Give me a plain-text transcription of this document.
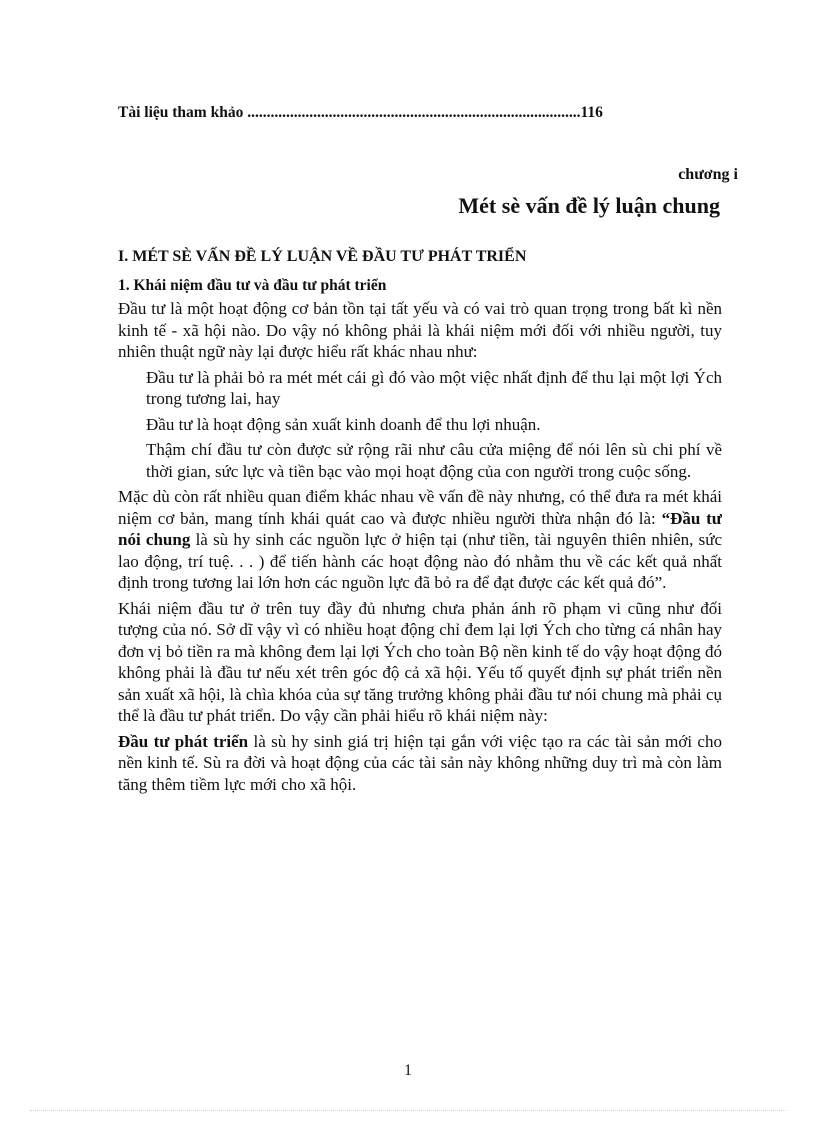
Tài liệu tham khảo ......................................................................................116
chương i
Mét sè vấn đề lý luận chung
I. MÉT SÈ VẤN ĐỀ LÝ LUẬN VỀ ĐẦU TƯ PHÁT TRIỂN
1. Khái niệm đầu tư và đầu tư phát triển

Đầu tư là một hoạt động cơ bản tồn tại tất yếu và có vai trò quan trọng trong bất kì nền kinh tế - xã hội nào. Do vậy nó không phải là khái niệm mới đối với nhiều người, tuy nhiên thuật ngữ này lại được hiểu rất khác nhau như:

Đầu tư là phải bỏ ra mét mét cái gì đó vào một việc nhất định để thu lại một lợi Ých trong tương lai, hay

Đầu tư là hoạt động sản xuất kinh doanh để thu lợi nhuận.

Thậm chí đầu tư còn được sử rộng rãi như câu cửa miệng để nói lên sù chi phí về thời gian, sức lực và tiền bạc vào mọi hoạt động của con người trong cuộc sống.

Mặc dù còn rất nhiều quan điểm khác nhau về vấn đề này nhưng, có thể đưa ra mét khái niệm cơ bản, mang tính khái quát cao và được nhiều người thừa nhận đó là: “Đầu tư nói chung là sù hy sinh các nguồn lực ở hiện tại (như tiền, tài nguyên thiên nhiên, sức lao động, trí tuệ. . . ) để tiến hành các hoạt động nào đó nhằm thu về các kết quả nhất định trong tương lai lớn hơn các nguồn lực đã bỏ ra để đạt được các kết quả đó”.

Khái niệm đầu tư ở trên tuy đầy đủ nhưng chưa phản ánh rõ phạm vi cũng như đối tượng của nó. Sở dĩ vậy vì có nhiều hoạt động chỉ đem lại lợi Ých cho từng cá nhân hay đơn vị bỏ tiền ra mà không đem lại lợi Ých cho toàn Bộ nền kinh tế do vậy hoạt động đó không phải là đầu tư nếu xét trên góc độ cả xã hội. Yếu tố quyết định sự phát triển nền sản xuất xã hội, là chìa khóa của sự tăng trưởng không phải đầu tư nói chung mà phải cụ thể là đầu tư phát triển. Do vậy cần phải hiểu rõ khái niệm này:

Đầu tư phát triển là sù hy sinh giá trị hiện tại gắn với việc tạo ra các tài sản mới cho nền kinh tế. Sù ra đời và hoạt động của các tài sản này không những duy trì mà còn làm tăng thêm tiềm lực mới cho xã hội.

1
